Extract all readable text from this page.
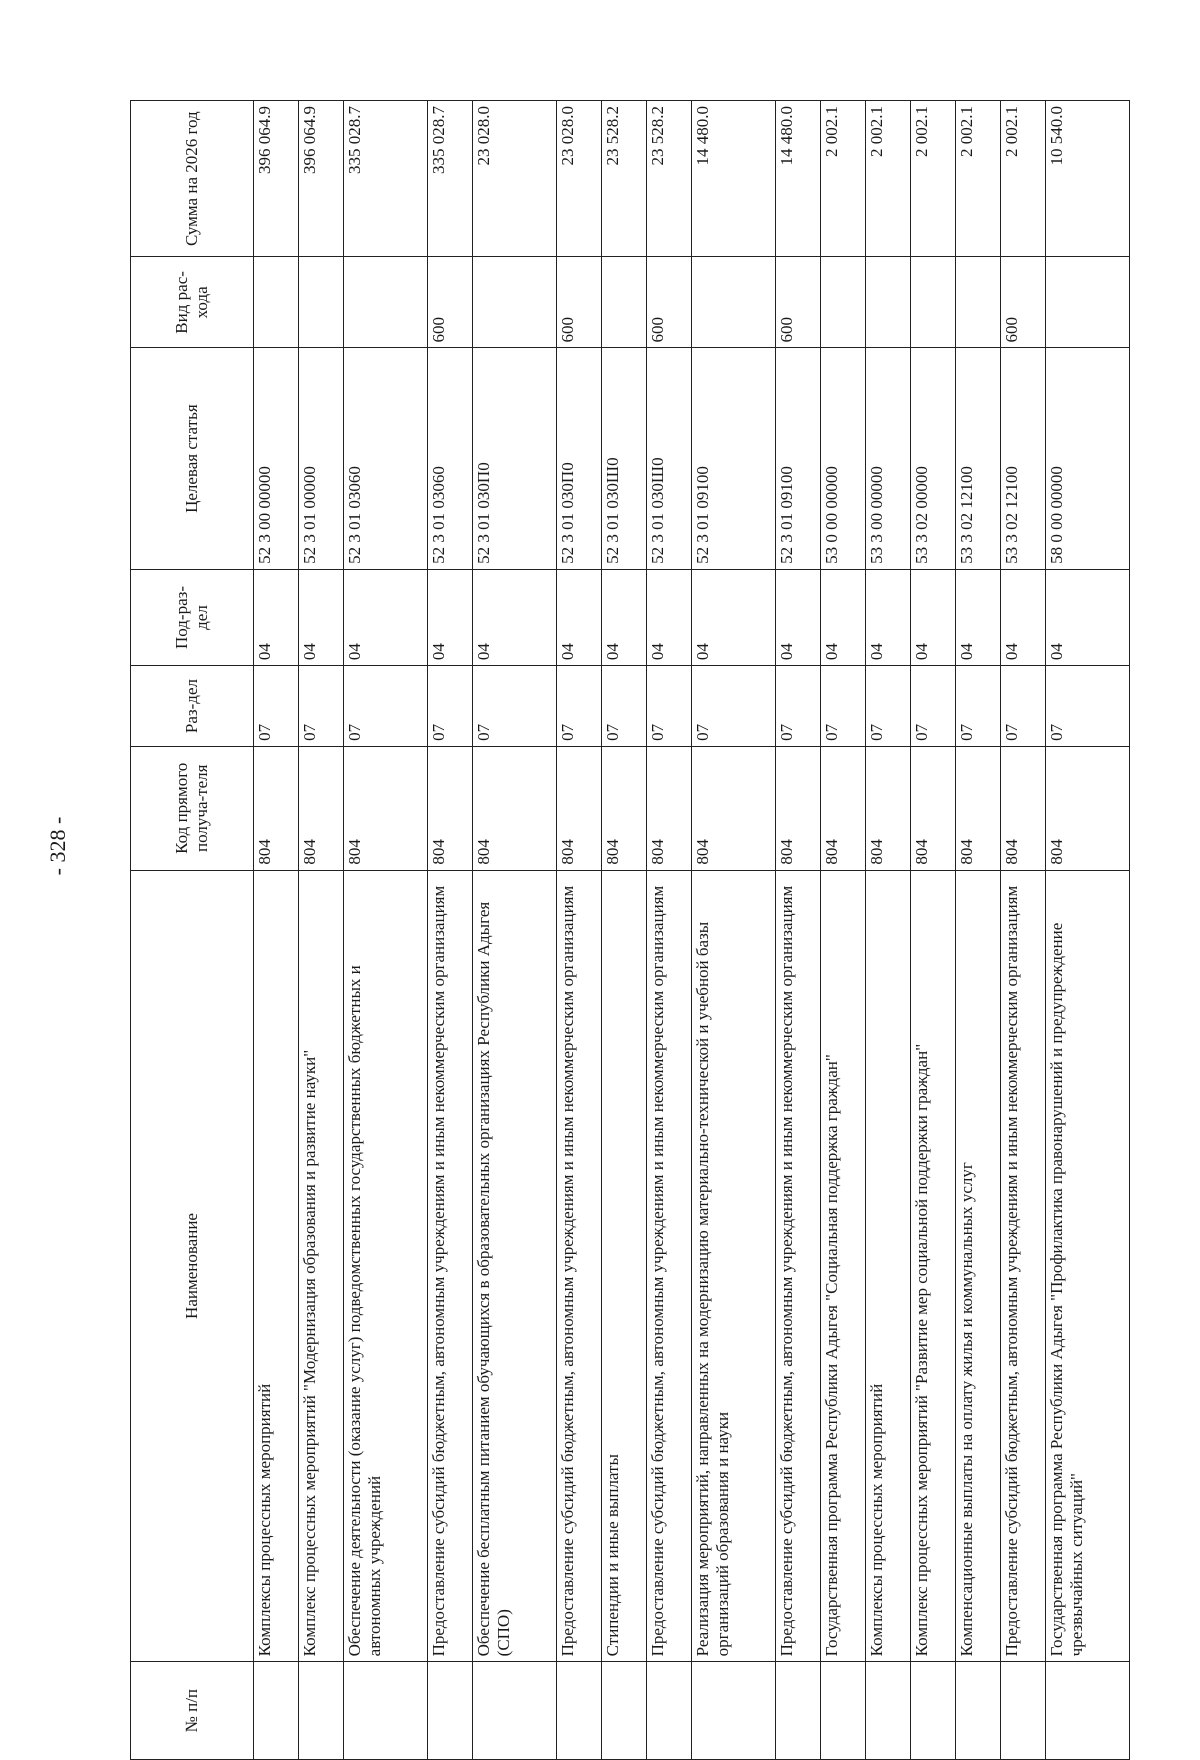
- 328 -
№ п/п	Наименование	Код прямого получа-теля	Раз-дел	Под-раз-дел	Целевая статья	Вид рас-хода	Сумма на 2026 год
	Комплексы процессных мероприятий	804	07	04	52 3 00 00000		396 064.9
	Комплекс процессных мероприятий "Модернизация образования и развитие науки"	804	07	04	52 3 01 00000		396 064.9
	Обеспечение деятельности (оказание услуг) подведомственных государственных бюджетных и автономных учреждений	804	07	04	52 3 01 03060		335 028.7
	Предоставление субсидий бюджетным, автономным учреждениям и иным некоммерческим организациям	804	07	04	52 3 01 03060	600	335 028.7
	Обеспечение бесплатным питанием обучающихся в образовательных организациях Республики Адыгея (СПО)	804	07	04	52 3 01 030П0		23 028.0
	Предоставление субсидий бюджетным, автономным учреждениям и иным некоммерческим организациям	804	07	04	52 3 01 030П0	600	23 028.0
	Стипендии и иные выплаты	804	07	04	52 3 01 030Ш0		23 528.2
	Предоставление субсидий бюджетным, автономным учреждениям и иным некоммерческим организациям	804	07	04	52 3 01 030Ш0	600	23 528.2
	Реализация мероприятий, направленных на модернизацию материально-технической и учебной базы организаций образования и науки	804	07	04	52 3 01 09100		14 480.0
	Предоставление субсидий бюджетным, автономным учреждениям и иным некоммерческим организациям	804	07	04	52 3 01 09100	600	14 480.0
	Государственная программа Республики Адыгея "Социальная поддержка граждан"	804	07	04	53 0 00 00000		2 002.1
	Комплексы процессных мероприятий	804	07	04	53 3 00 00000		2 002.1
	Комплекс процессных мероприятий "Развитие мер социальной поддержки граждан"	804	07	04	53 3 02 00000		2 002.1
	Компенсационные выплаты на оплату жилья и коммунальных услуг	804	07	04	53 3 02 12100		2 002.1
	Предоставление субсидий бюджетным, автономным учреждениям и иным некоммерческим организациям	804	07	04	53 3 02 12100	600	2 002.1
	Государственная программа Республики Адыгея "Профилактика правонарушений и предупреждение чрезвычайных ситуаций"	804	07	04	58 0 00 00000		10 540.0
